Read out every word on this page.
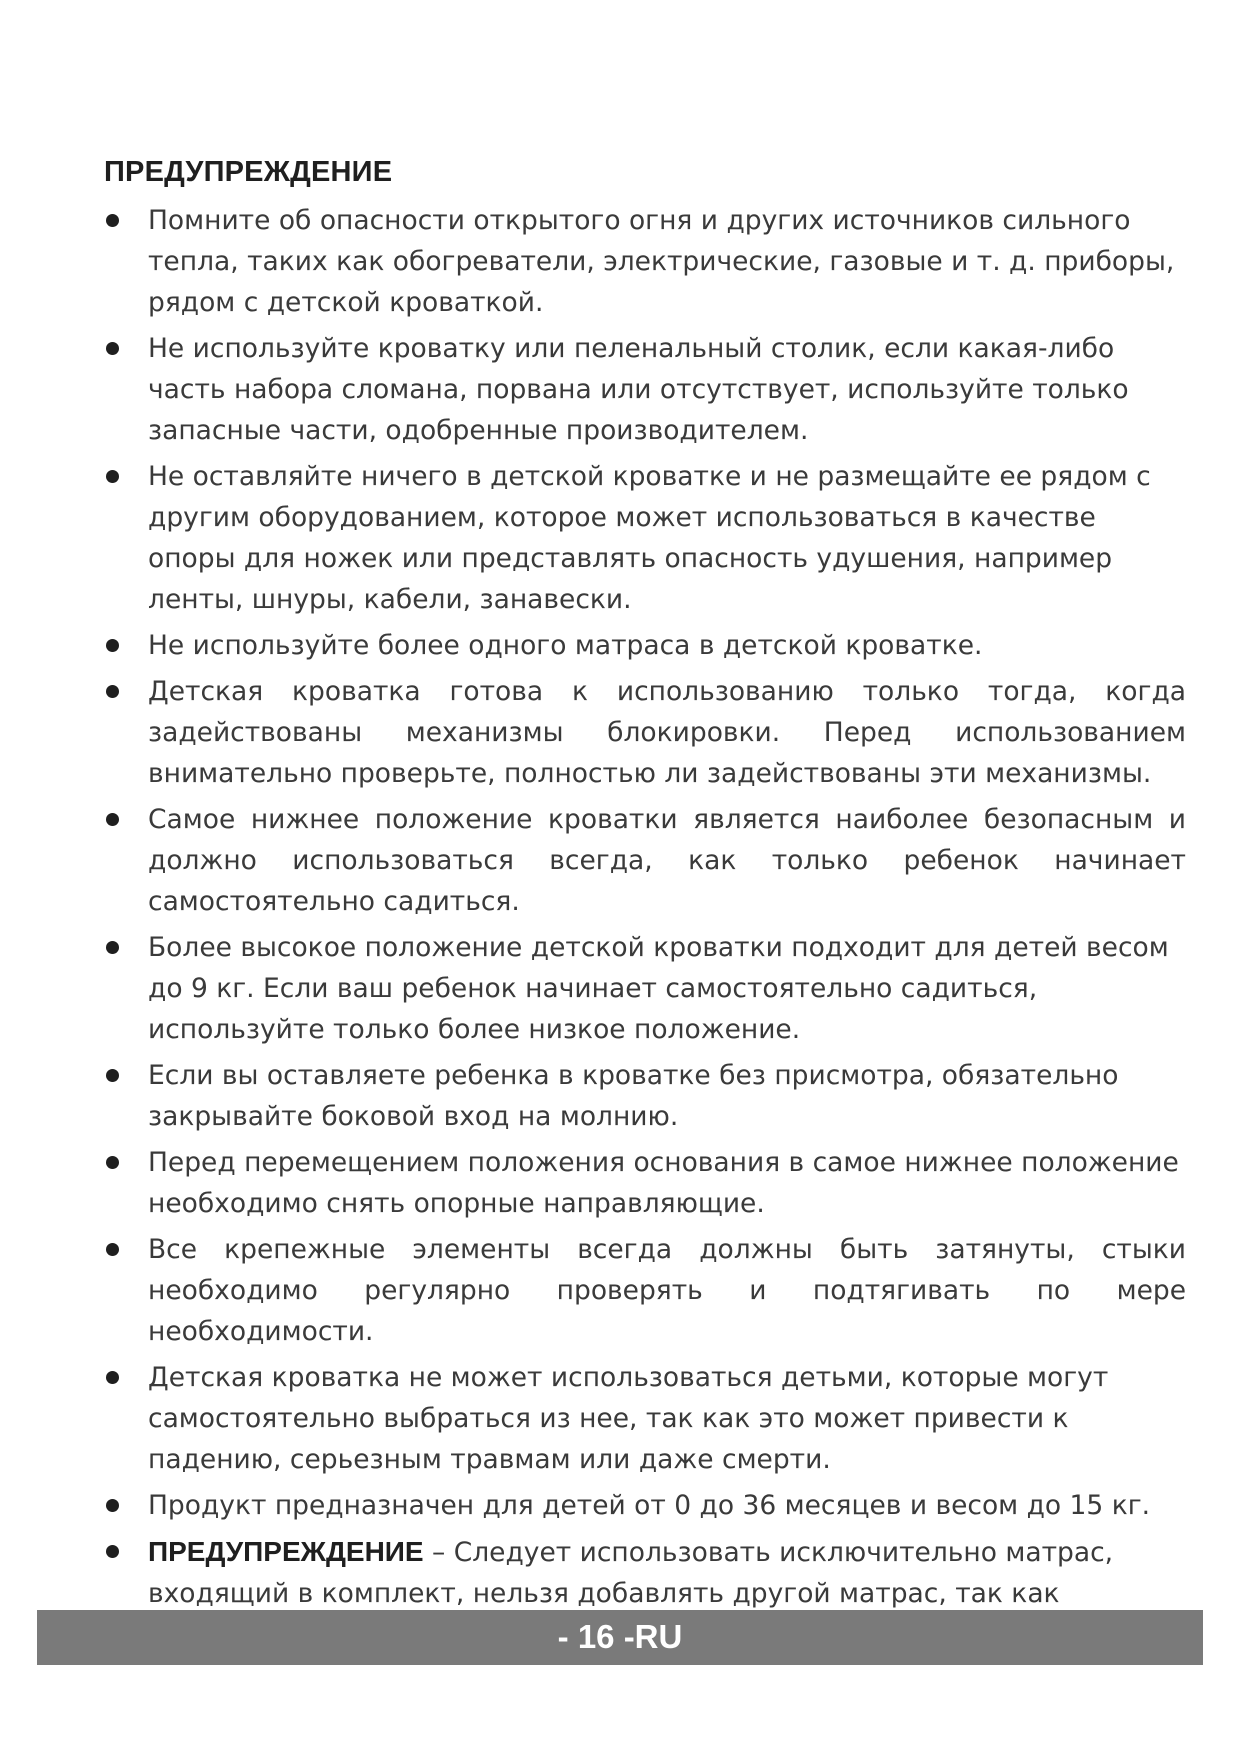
ПРЕДУПРЕЖДЕНИЕ
Помните об опасности открытого огня и других источников сильного тепла, таких как обогреватели, электрические, газовые и т. д. приборы, рядом с детской кроваткой.
Не используйте кроватку или пеленальный столик, если какая-либо часть набора сломана, порвана или отсутствует, используйте только запасные части, одобренные производителем.
Не оставляйте ничего в детской кроватке и не размещайте ее рядом с другим оборудованием, которое может использоваться в качестве опоры для ножек или представлять опасность удушения, например ленты, шнуры, кабели, занавески.
Не используйте более одного матраса в детской кроватке.
Детская кроватка готова к использованию только тогда, когда задействованы механизмы блокировки. Перед использованием внимательно проверьте, полностью ли задействованы эти механизмы.
Самое нижнее положение кроватки является наиболее безопасным и должно использоваться всегда, как только ребенок начинает самостоятельно садиться.
Более высокое положение детской кроватки подходит для детей весом до 9 кг. Если ваш ребенок начинает самостоятельно садиться, используйте только более низкое положение.
Если вы оставляете ребенка в кроватке без присмотра, обязательно закрывайте боковой вход на молнию.
Перед перемещением положения основания в самое нижнее положение необходимо снять опорные направляющие.
Все крепежные элементы всегда должны быть затянуты, стыки необходимо регулярно проверять и подтягивать по мере необходимости.
Детская кроватка не может использоваться детьми, которые могут самостоятельно выбраться из нее, так как это может привести к падению, серьезным травмам или даже смерти.
Продукт предназначен для детей от 0 до 36 месяцев и весом до 15 кг.
ПРЕДУПРЕЖДЕНИЕ – Следует использовать исключительно матрас, входящий в комплект, нельзя добавлять другой матрас, так как
- 16 -RU
